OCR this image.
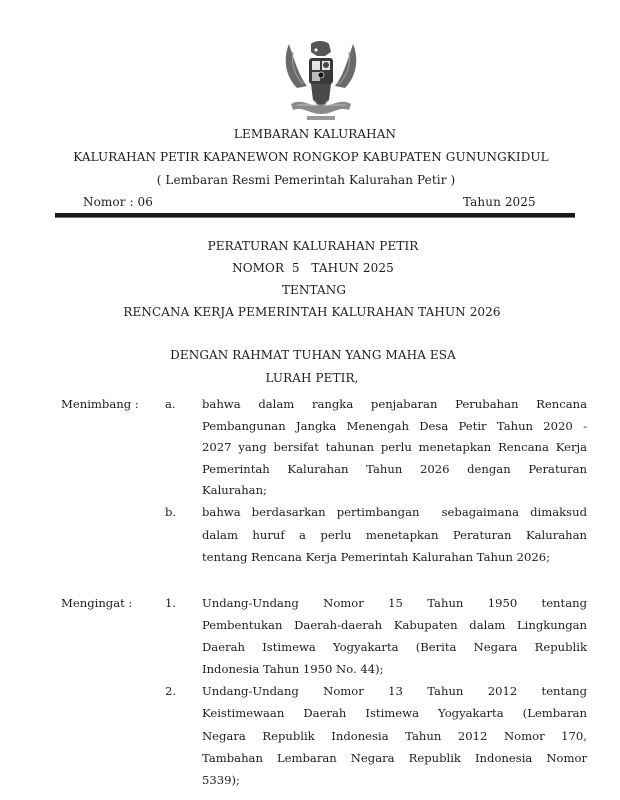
LEMBARAN KALURAHAN
KALURAHAN PETIR KAPANEWON RONGKOP KABUPATEN GUNUNGKIDUL
( Lembaran Resmi Pemerintah Kalurahan Petir )
Nomor : 06	Tahun 2025
PERATURAN KALURAHAN PETIR
NOMOR  5   TAHUN 2025
TENTANG
RENCANA KERJA PEMERINTAH KALURAHAN TAHUN 2026
DENGAN RAHMAT TUHAN YANG MAHA ESA
LURAH PETIR,
Menimbang : a. bahwa dalam rangka penjabaran Perubahan Rencana
Pembangunan Jangka Menengah Desa Petir Tahun 2020 -
2027 yang bersifat tahunan perlu menetapkan Rencana Kerja
Pemerintah Kalurahan Tahun 2026 dengan Peraturan
Kalurahan;
b. bahwa berdasarkan pertimbangan  sebagaimana dimaksud
dalam huruf a perlu menetapkan Peraturan Kalurahan
tentang Rencana Kerja Pemerintah Kalurahan Tahun 2026;
Mengingat :	1. Undang-Undang Nomor 15 Tahun 1950 tentang
Pembentukan Daerah-daerah Kabupaten dalam Lingkungan
Daerah Istimewa Yogyakarta (Berita Negara Republik
Indonesia Tahun 1950 No. 44);
2. Undang-Undang Nomor 13 Tahun 2012 tentang
Keistimewaan Daerah Istimewa Yogyakarta (Lembaran
Negara Republik Indonesia Tahun 2012 Nomor 170,
Tambahan Lembaran Negara Republik Indonesia Nomor
5339);
